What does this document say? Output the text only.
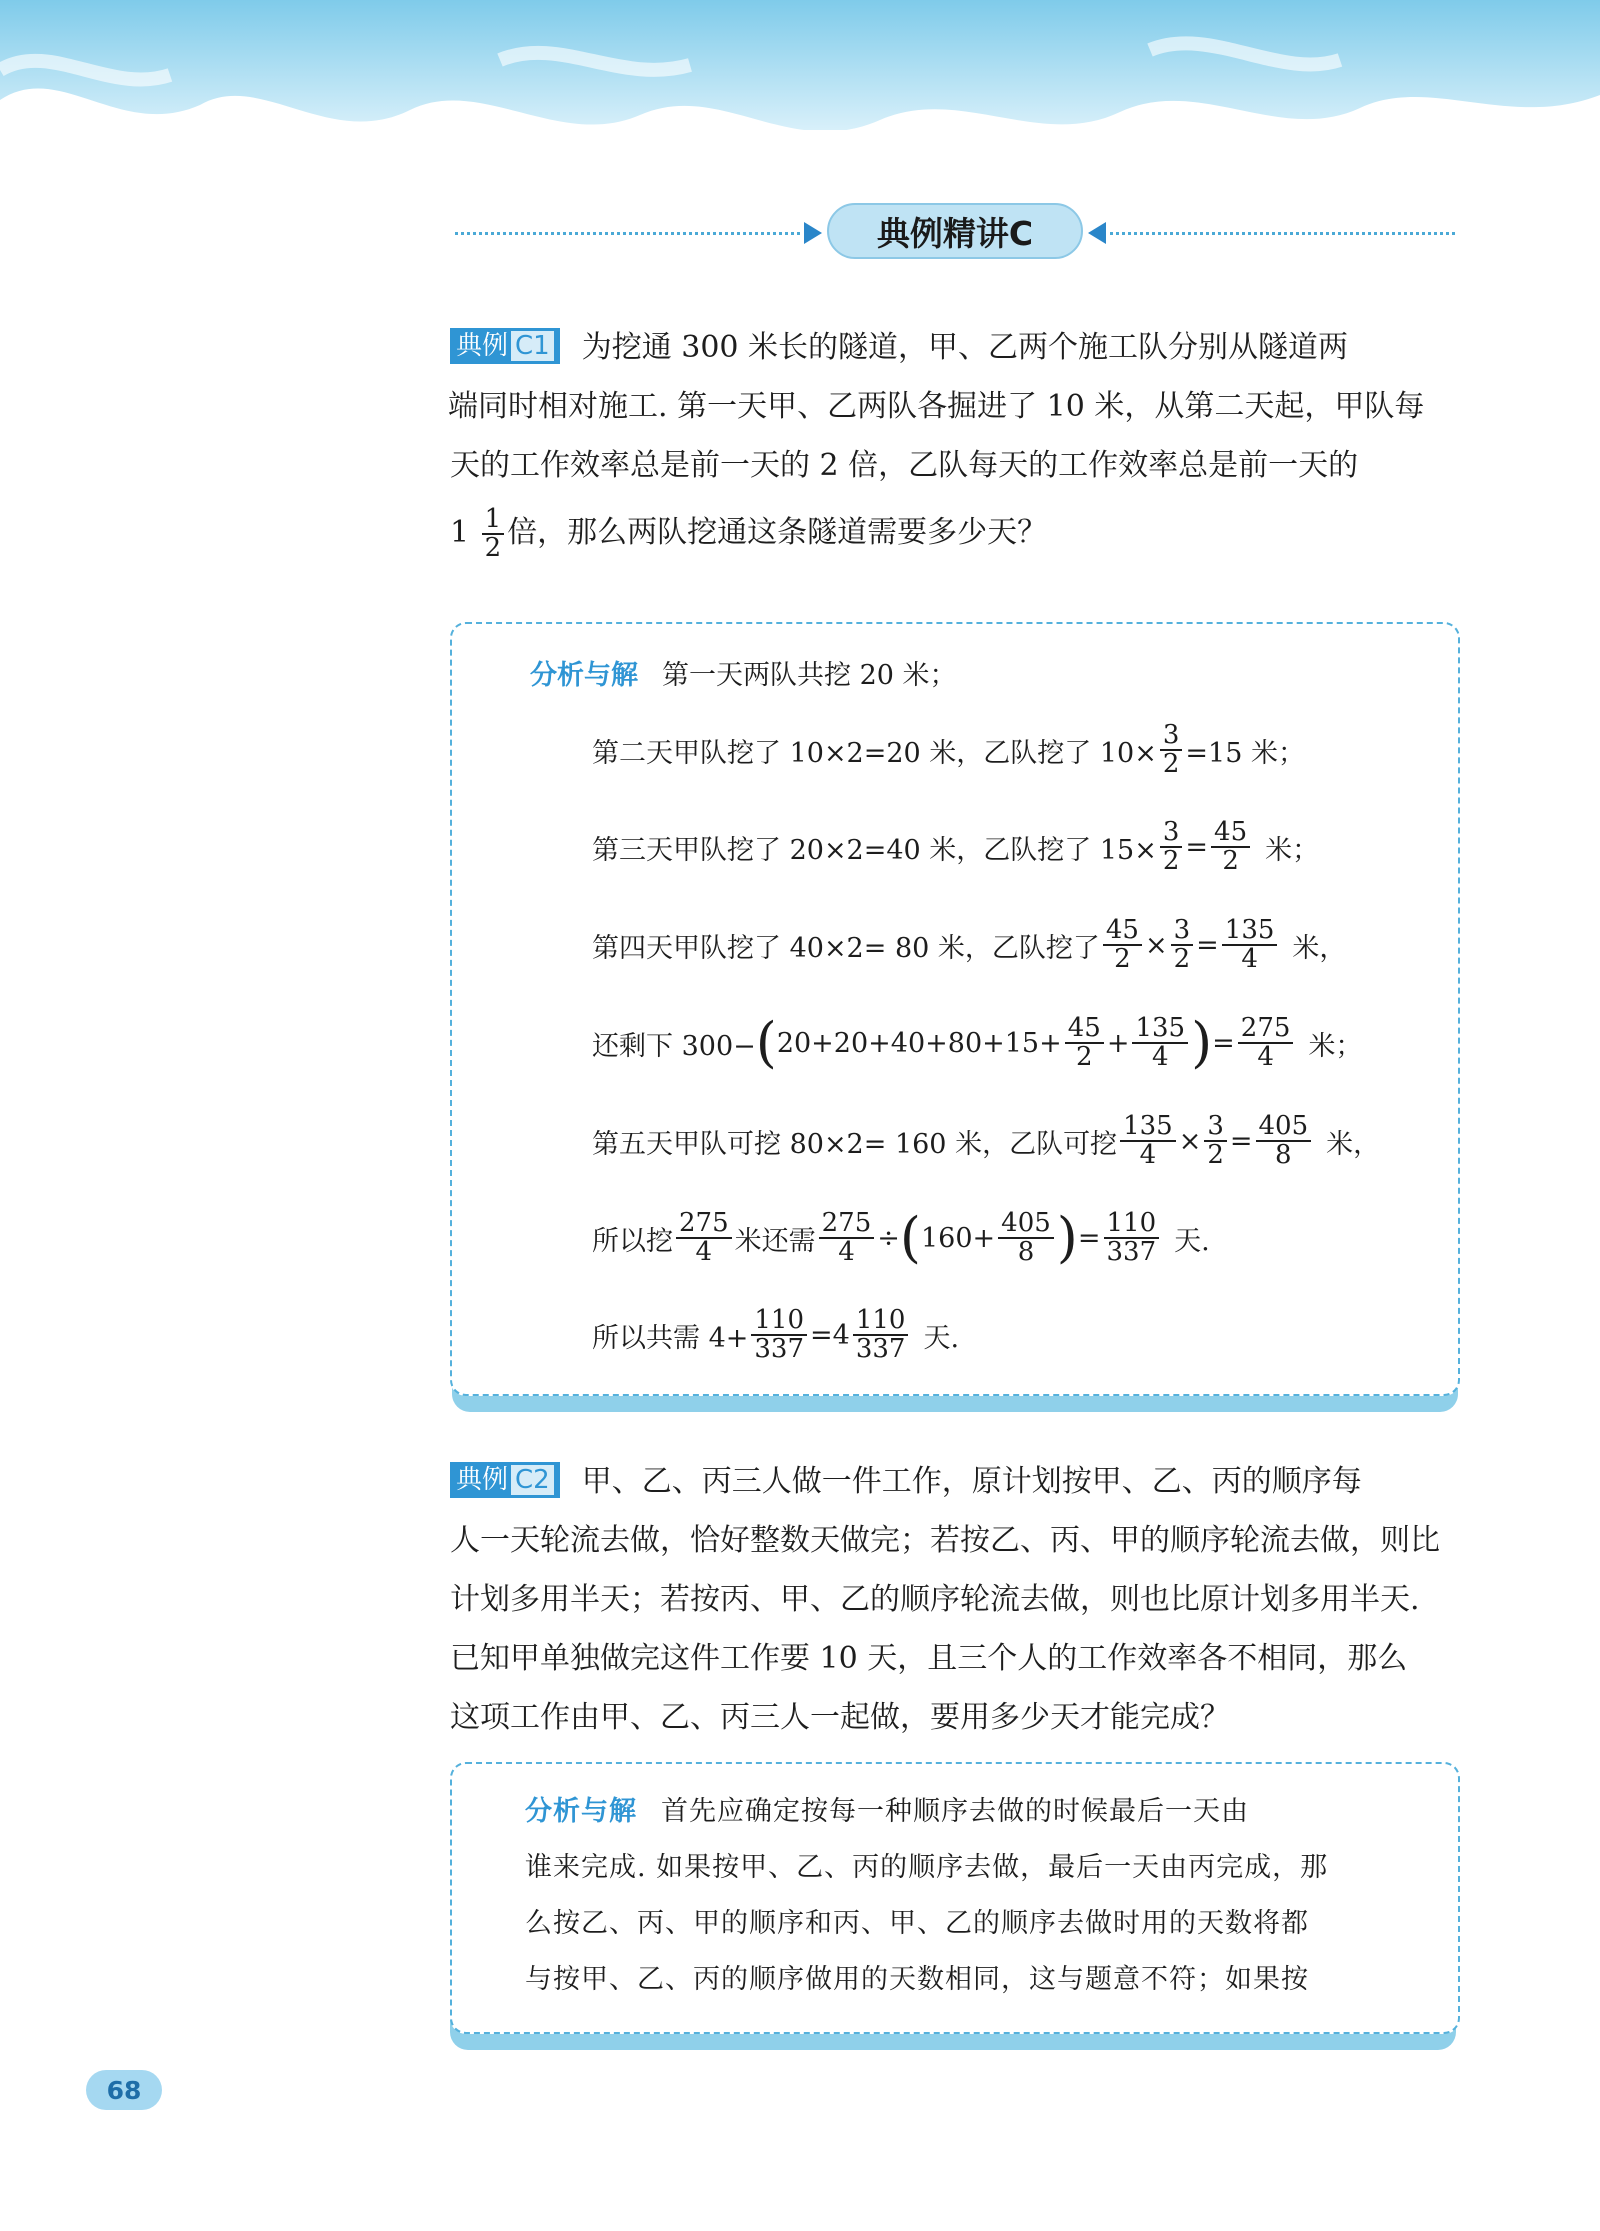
典例精讲C
典例 C1 为挖通 300 米长的隧道，甲、乙两个施工队分别从隧道两
端同时相对施工. 第一天甲、乙两队各掘进了 10 米，从第二天起，甲队每
天的工作效率总是前一天的 2 倍，乙队每天的工作效率总是前一天的
$1 \frac{1}{2}$ 倍，那么两队挖通这条隧道需要多少天？
分析与解 第一天两队共挖 20 米；
第二天甲队挖了 10×2=20 米，乙队挖了 $10\times \frac{3}{2} =15$ 米；
第三天甲队挖了 20×2=40 米，乙队挖了 $15\times \frac{3}{2} = \frac{45}{2}$ 米；
第四天甲队挖了 40×2= 80 米，乙队挖了 $\frac{45}{2} \times \frac{3}{2} = \frac{135}{4}$ 米，
还剩下 300− ( $20+20+40+80+15+ \frac{45}{2} + \frac{135}{4}$ ) = $\frac{275}{4}$ 米；
第五天甲队可挖 80×2= 160 米，乙队可挖 $\frac{135}{4} \times \frac{3}{2} = \frac{405}{8}$ 米，
所以挖 $\frac{275}{4}$ 米还需 $\frac{275}{4}$ ÷ ( $160+ \frac{405}{8}$ ) = $\frac{110}{337}$ 天.
所以共需 $4+ \frac{110}{337} =4 \frac{110}{337}$ 天.
典例 C2 甲、乙、丙三人做一件工作，原计划按甲、乙、丙的顺序每
人一天轮流去做，恰好整数天做完；若按乙、丙、甲的顺序轮流去做，则比
计划多用半天；若按丙、甲、乙的顺序轮流去做，则也比原计划多用半天.
已知甲单独做完这件工作要 10 天，且三个人的工作效率各不相同，那么
这项工作由甲、乙、丙三人一起做，要用多少天才能完成？
分析与解 首先应确定按每一种顺序去做的时候最后一天由
谁来完成. 如果按甲、乙、丙的顺序去做，最后一天由丙完成，那
么按乙、丙、甲的顺序和丙、甲、乙的顺序去做时用的天数将都
与按甲、乙、丙的顺序做用的天数相同，这与题意不符；如果按
68
